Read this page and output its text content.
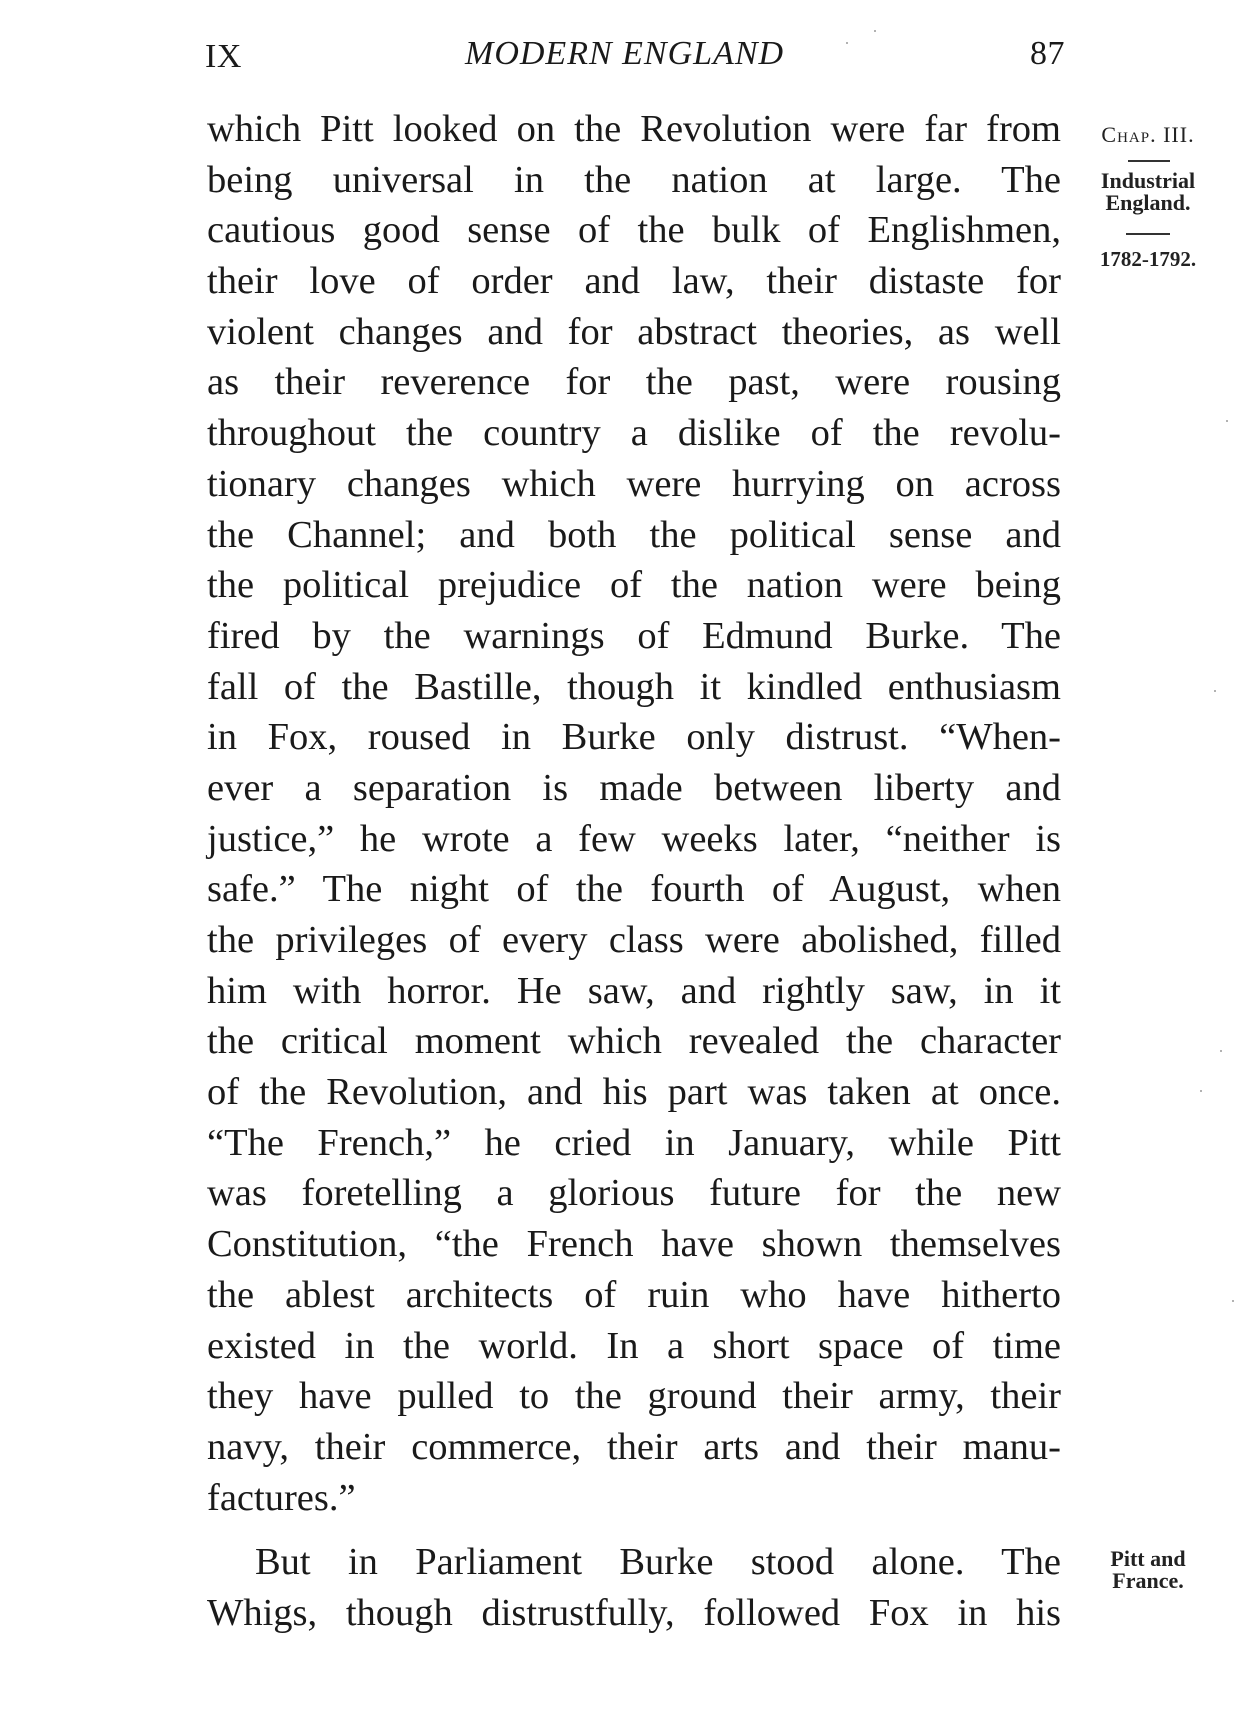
IX	MODERN ENGLAND	87
which Pitt looked on the Revolution were far from
being universal in the nation at large. The
cautious good sense of the bulk of Englishmen,
their love of order and law, their distaste for
violent changes and for abstract theories, as well
as their reverence for the past, were rousing
throughout the country a dislike of the revolu-
tionary changes which were hurrying on across
the Channel; and both the political sense and
the political prejudice of the nation were being
fired by the warnings of Edmund Burke. The
fall of the Bastille, though it kindled enthusiasm
in Fox, roused in Burke only distrust. “When-
ever a separation is made between liberty and
justice,” he wrote a few weeks later, “neither is
safe.” The night of the fourth of August, when
the privileges of every class were abolished, filled
him with horror. He saw, and rightly saw, in it
the critical moment which revealed the character
of the Revolution, and his part was taken at once.
“The French,” he cried in January, while Pitt
was foretelling a glorious future for the new
Constitution, “the French have shown themselves
the ablest architects of ruin who have hitherto
existed in the world. In a short space of time
they have pulled to the ground their army, their
navy, their commerce, their arts and their manu-
factures.”
But in Parliament Burke stood alone. The
Whigs, though distrustfully, followed Fox in his
Chap. III.
Industrial
England.
1782-1792.
Pitt and
France.
